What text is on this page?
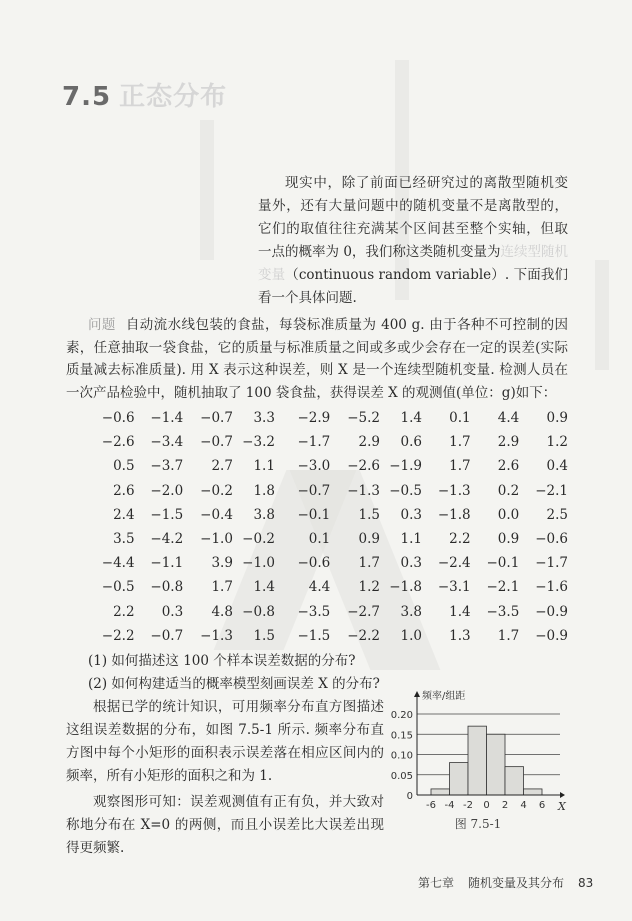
7.5 正态分布
现实中，除了前面已经研究过的离散型随机变量外，还有大量问题中的随机变量不是离散型的，它们的取值往往充满某个区间甚至整个实轴，但取一点的概率为 0，我们称这类随机变量为连续型随机变量（continuous random variable）. 下面我们看一个具体问题.
问题 自动流水线包装的食盐，每袋标准质量为 400 g. 由于各种不可控制的因素，任意抽取一袋食盐，它的质量与标准质量之间或多或少会存在一定的误差(实际质量减去标准质量). 用 X 表示这种误差，则 X 是一个连续型随机变量. 检测人员在一次产品检验中，随机抽取了 100 袋食盐，获得误差 X 的观测值(单位：g)如下：
−0.6	−1.4	−0.7	3.3	−2.9	−5.2	1.4	0.1	4.4	0.9
−2.6	−3.4	−0.7	−3.2	−1.7	2.9	0.6	1.7	2.9	1.2
0.5	−3.7	2.7	1.1	−3.0	−2.6	−1.9	1.7	2.6	0.4
2.6	−2.0	−0.2	1.8	−0.7	−1.3	−0.5	−1.3	0.2	−2.1
2.4	−1.5	−0.4	3.8	−0.1	1.5	0.3	−1.8	0.0	2.5
3.5	−4.2	−1.0	−0.2	0.1	0.9	1.1	2.2	0.9	−0.6
−4.4	−1.1	3.9	−1.0	−0.6	1.7	0.3	−2.4	−0.1	−1.7
−0.5	−0.8	1.7	1.4	4.4	1.2	−1.8	−3.1	−2.1	−1.6
2.2	0.3	4.8	−0.8	−3.5	−2.7	3.8	1.4	−3.5	−0.9
−2.2	−0.7	−1.3	1.5	−1.5	−2.2	1.0	1.3	1.7	−0.9
(1) 如何描述这 100 个样本误差数据的分布?
(2) 如何构建适当的概率模型刻画误差 X 的分布?
根据已学的统计知识，可用频率分布直方图描述这组误差数据的分布，如图 7.5-1 所示. 频率分布直方图中每个小矩形的面积表示误差落在相应区间内的频率，所有小矩形的面积之和为 1.
观察图形可知：误差观测值有正有负，并大致对称地分布在 X=0 的两侧，而且小误差比大误差出现得更频繁.
0
0.05
0.10
0.15
0.20
-6 -4 -2 0 2 4 6
频率/组距
X
图 7.5-1
第七章 随机变量及其分布 83
